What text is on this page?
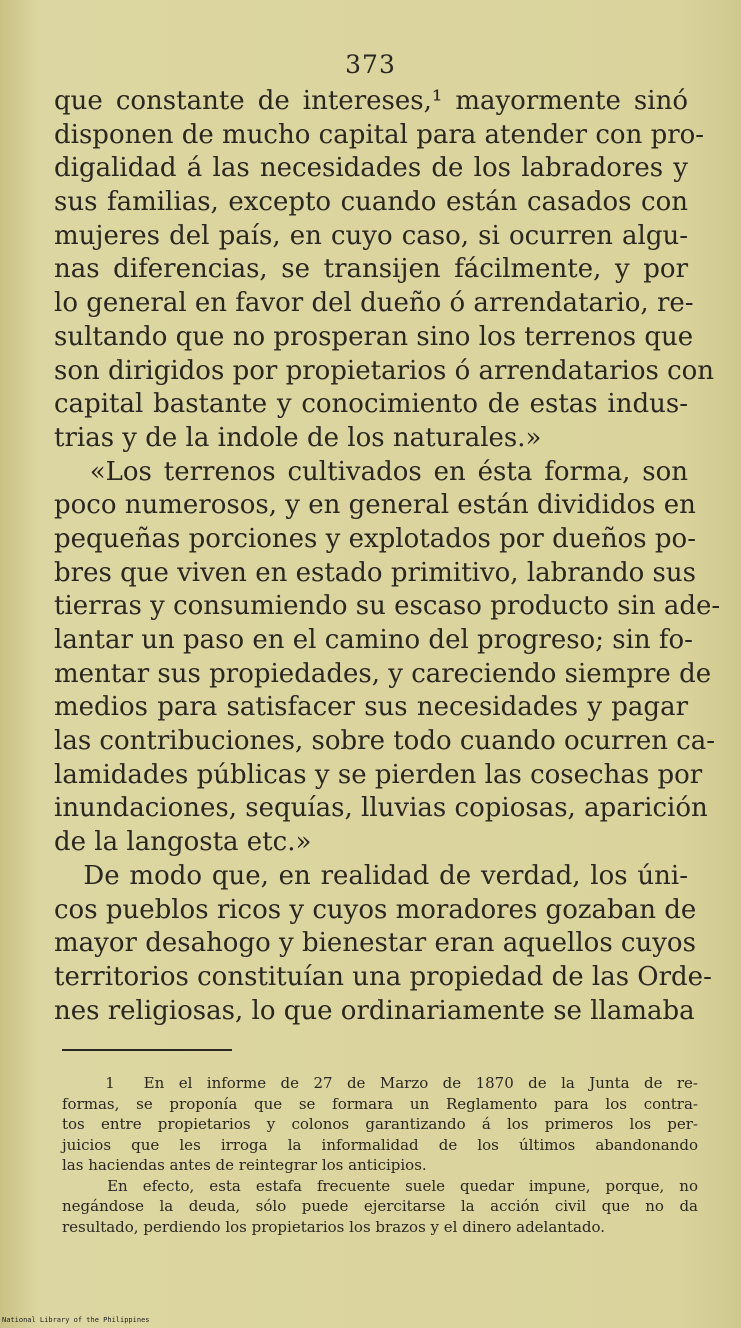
373
que constante de intereses,¹ mayormente sinó
disponen de mucho capital para atender con pro-
digalidad á las necesidades de los labradores y
sus familias, excepto cuando están casados con
mujeres del país, en cuyo caso, si ocurren algu-
nas diferencias, se transijen fácilmente, y por
lo general en favor del dueño ó arrendatario, re-
sultando que no prosperan sino los terrenos que
son dirigidos por propietarios ó arrendatarios con
capital bastante y conocimiento de estas indus-
trias y de la indole de los naturales.»
«Los terrenos cultivados en ésta forma, son
poco numerosos, y en general están divididos en
pequeñas porciones y explotados por dueños po-
bres que viven en estado primitivo, labrando sus
tierras y consumiendo su escaso producto sin ade-
lantar un paso en el camino del progreso; sin fo-
mentar sus propiedades, y careciendo siempre de
medios para satisfacer sus necesidades y pagar
las contribuciones, sobre todo cuando ocurren ca-
lamidades públicas y se pierden las cosechas por
inundaciones, sequías, lluvias copiosas, aparición
de la langosta etc.»
De modo que, en realidad de verdad, los úni-
cos pueblos ricos y cuyos moradores gozaban de
mayor desahogo y bienestar eran aquellos cuyos
territorios constituían una propiedad de las Orde-
nes religiosas, lo que ordinariamente se llamaba
1  En el informe de 27 de Marzo de 1870 de la Junta de re-
formas, se proponía que se formara un Reglamento para los contra-
tos entre propietarios y colonos garantizando á los primeros los per-
juicios que les irroga la informalidad de los últimos abandonando
las haciendas antes de reintegrar los anticipios.
En efecto, esta estafa frecuente suele quedar impune, porque, no
negándose la deuda, sólo puede ejercitarse la acción civil que no da
resultado, perdiendo los propietarios los brazos y el dinero adelantado.
National Library of the Philippines
